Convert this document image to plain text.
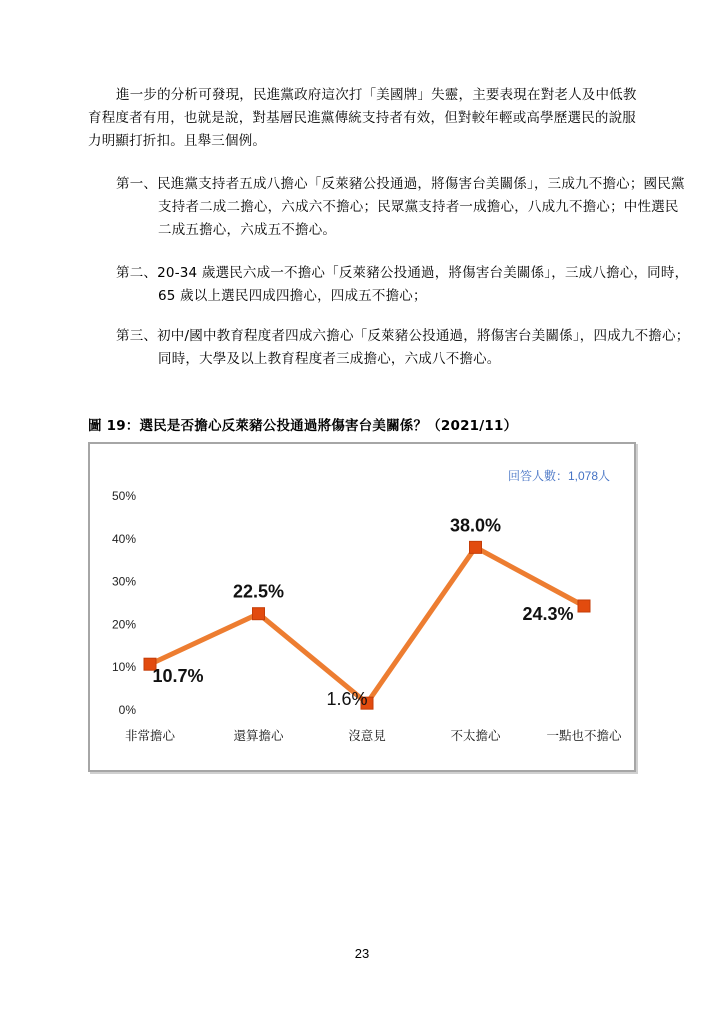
進一步的分析可發現，民進黨政府這次打「美國牌」失靈，主要表現在對老人及中低教育程度者有用，也就是說，對基層民進黨傳統支持者有效，但對較年輕或高學歷選民的說服力明顯打折扣。且舉三個例。
第一、民進黨支持者五成八擔心「反萊豬公投通過，將傷害台美關係」，三成九不擔心；國民黨支持者二成二擔心，六成六不擔心；民眾黨支持者一成擔心，八成九不擔心；中性選民二成五擔心，六成五不擔心。
第二、20-34 歲選民六成一不擔心「反萊豬公投通過，將傷害台美關係」，三成八擔心，同時，65 歲以上選民四成四擔心，四成五不擔心；
第三、初中/國中教育程度者四成六擔心「反萊豬公投通過，將傷害台美關係」，四成九不擔心；同時，大學及以上教育程度者三成擔心，六成八不擔心。
圖 19：選民是否擔心反萊豬公投通過將傷害台美關係？（2021/11）
回答人數：1,078人
0%
10%
20%
30%
40%
50%
非常擔心	還算擔心	沒意見	不太擔心	一點也不擔心
10.7%
22.5%
1.6%
38.0%
24.3%
23
